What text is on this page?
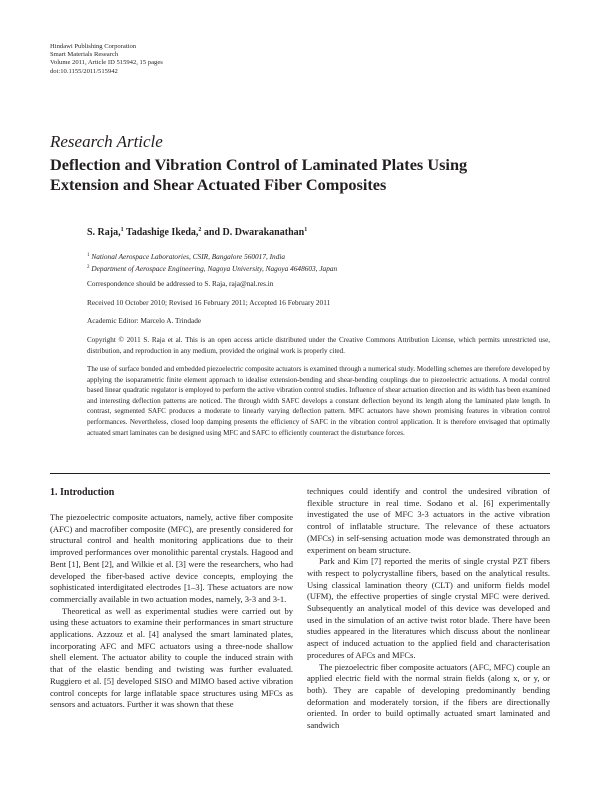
Hindawi Publishing Corporation
Smart Materials Research
Volume 2011, Article ID 515942, 15 pages
doi:10.1155/2011/515942
Research Article
Deflection and Vibration Control of Laminated Plates Using
Extension and Shear Actuated Fiber Composites
S. Raja,$^1$ Tadashige Ikeda,$^2$ and D. Dwarakanathan$^1$
$^1$ National Aerospace Laboratories, CSIR, Bangalore 560017, India
$^2$ Department of Aerospace Engineering, Nagoya University, Nagoya 4648603, Japan
Correspondence should be addressed to S. Raja, raja@nal.res.in
Received 10 October 2010; Revised 16 February 2011; Accepted 16 February 2011
Academic Editor: Marcelo A. Trindade
Copyright © 2011 S. Raja et al. This is an open access article distributed under the Creative Commons Attribution License, which permits unrestricted use, distribution, and reproduction in any medium, provided the original work is properly cited.
The use of surface bonded and embedded piezoelectric composite actuators is examined through a numerical study. Modelling schemes are therefore developed by applying the isoparametric finite element approach to idealise extension-bending and shear-bending couplings due to piezoelectric actuations. A modal control based linear quadratic regulator is employed to perform the active vibration control studies. Influence of shear actuation direction and its width has been examined and interesting deflection patterns are noticed. The through width SAFC develops a constant deflection beyond its length along the laminated plate length. In contrast, segmented SAFC produces a moderate to linearly varying deflection pattern. MFC actuators have shown promising features in vibration control performances. Nevertheless, closed loop damping presents the efficiency of SAFC in the vibration control application. It is therefore envisaged that optimally actuated smart laminates can be designed using MFC and SAFC to efficiently counteract the disturbance forces.
1. Introduction

The piezoelectric composite actuators, namely, active fiber composite (AFC) and macrofiber composite (MFC), are presently considered for structural control and health monitoring applications due to their improved performances over monolithic parental crystals. Hagood and Bent [1], Bent [2], and Wilkie et al. [3] were the researchers, who had developed the fiber-based active device concepts, employing the sophisticated interdigitated electrodes [1–3]. These actuators are now commercially available in two actuation modes, namely, 3-3 and 3-1.

Theoretical as well as experimental studies were carried out by using these actuators to examine their performances in smart structure applications. Azzouz et al. [4] analysed the smart laminated plates, incorporating AFC and MFC actuators using a three-node shallow shell element. The actuator ability to couple the induced strain with that of the elastic bending and twisting was further evaluated. Ruggiero et al. [5] developed SISO and MIMO based active vibration control concepts for large inflatable space structures using MFCs as sensors and actuators. Further it was shown that these

techniques could identify and control the undesired vibration of flexible structure in real time. Sodano et al. [6] experimentally investigated the use of MFC 3-3 actuators in the active vibration control of inflatable structure. The relevance of these actuators (MFCs) in self-sensing actuation mode was demonstrated through an experiment on beam structure.

Park and Kim [7] reported the merits of single crystal PZT fibers with respect to polycrystalline fibers, based on the analytical results. Using classical lamination theory (CLT) and uniform fields model (UFM), the effective properties of single crystal MFC were derived. Subsequently an analytical model of this device was developed and used in the simulation of an active twist rotor blade. There have been studies appeared in the literatures which discuss about the nonlinear aspect of induced actuation to the applied field and characterisation procedures of AFCs and MFCs.

The piezoelectric fiber composite actuators (AFC, MFC) couple an applied electric field with the normal strain fields (along x, or y, or both). They are capable of developing predominantly bending deformation and moderately torsion, if the fibers are directionally oriented. In order to build optimally actuated smart laminated and sandwich
